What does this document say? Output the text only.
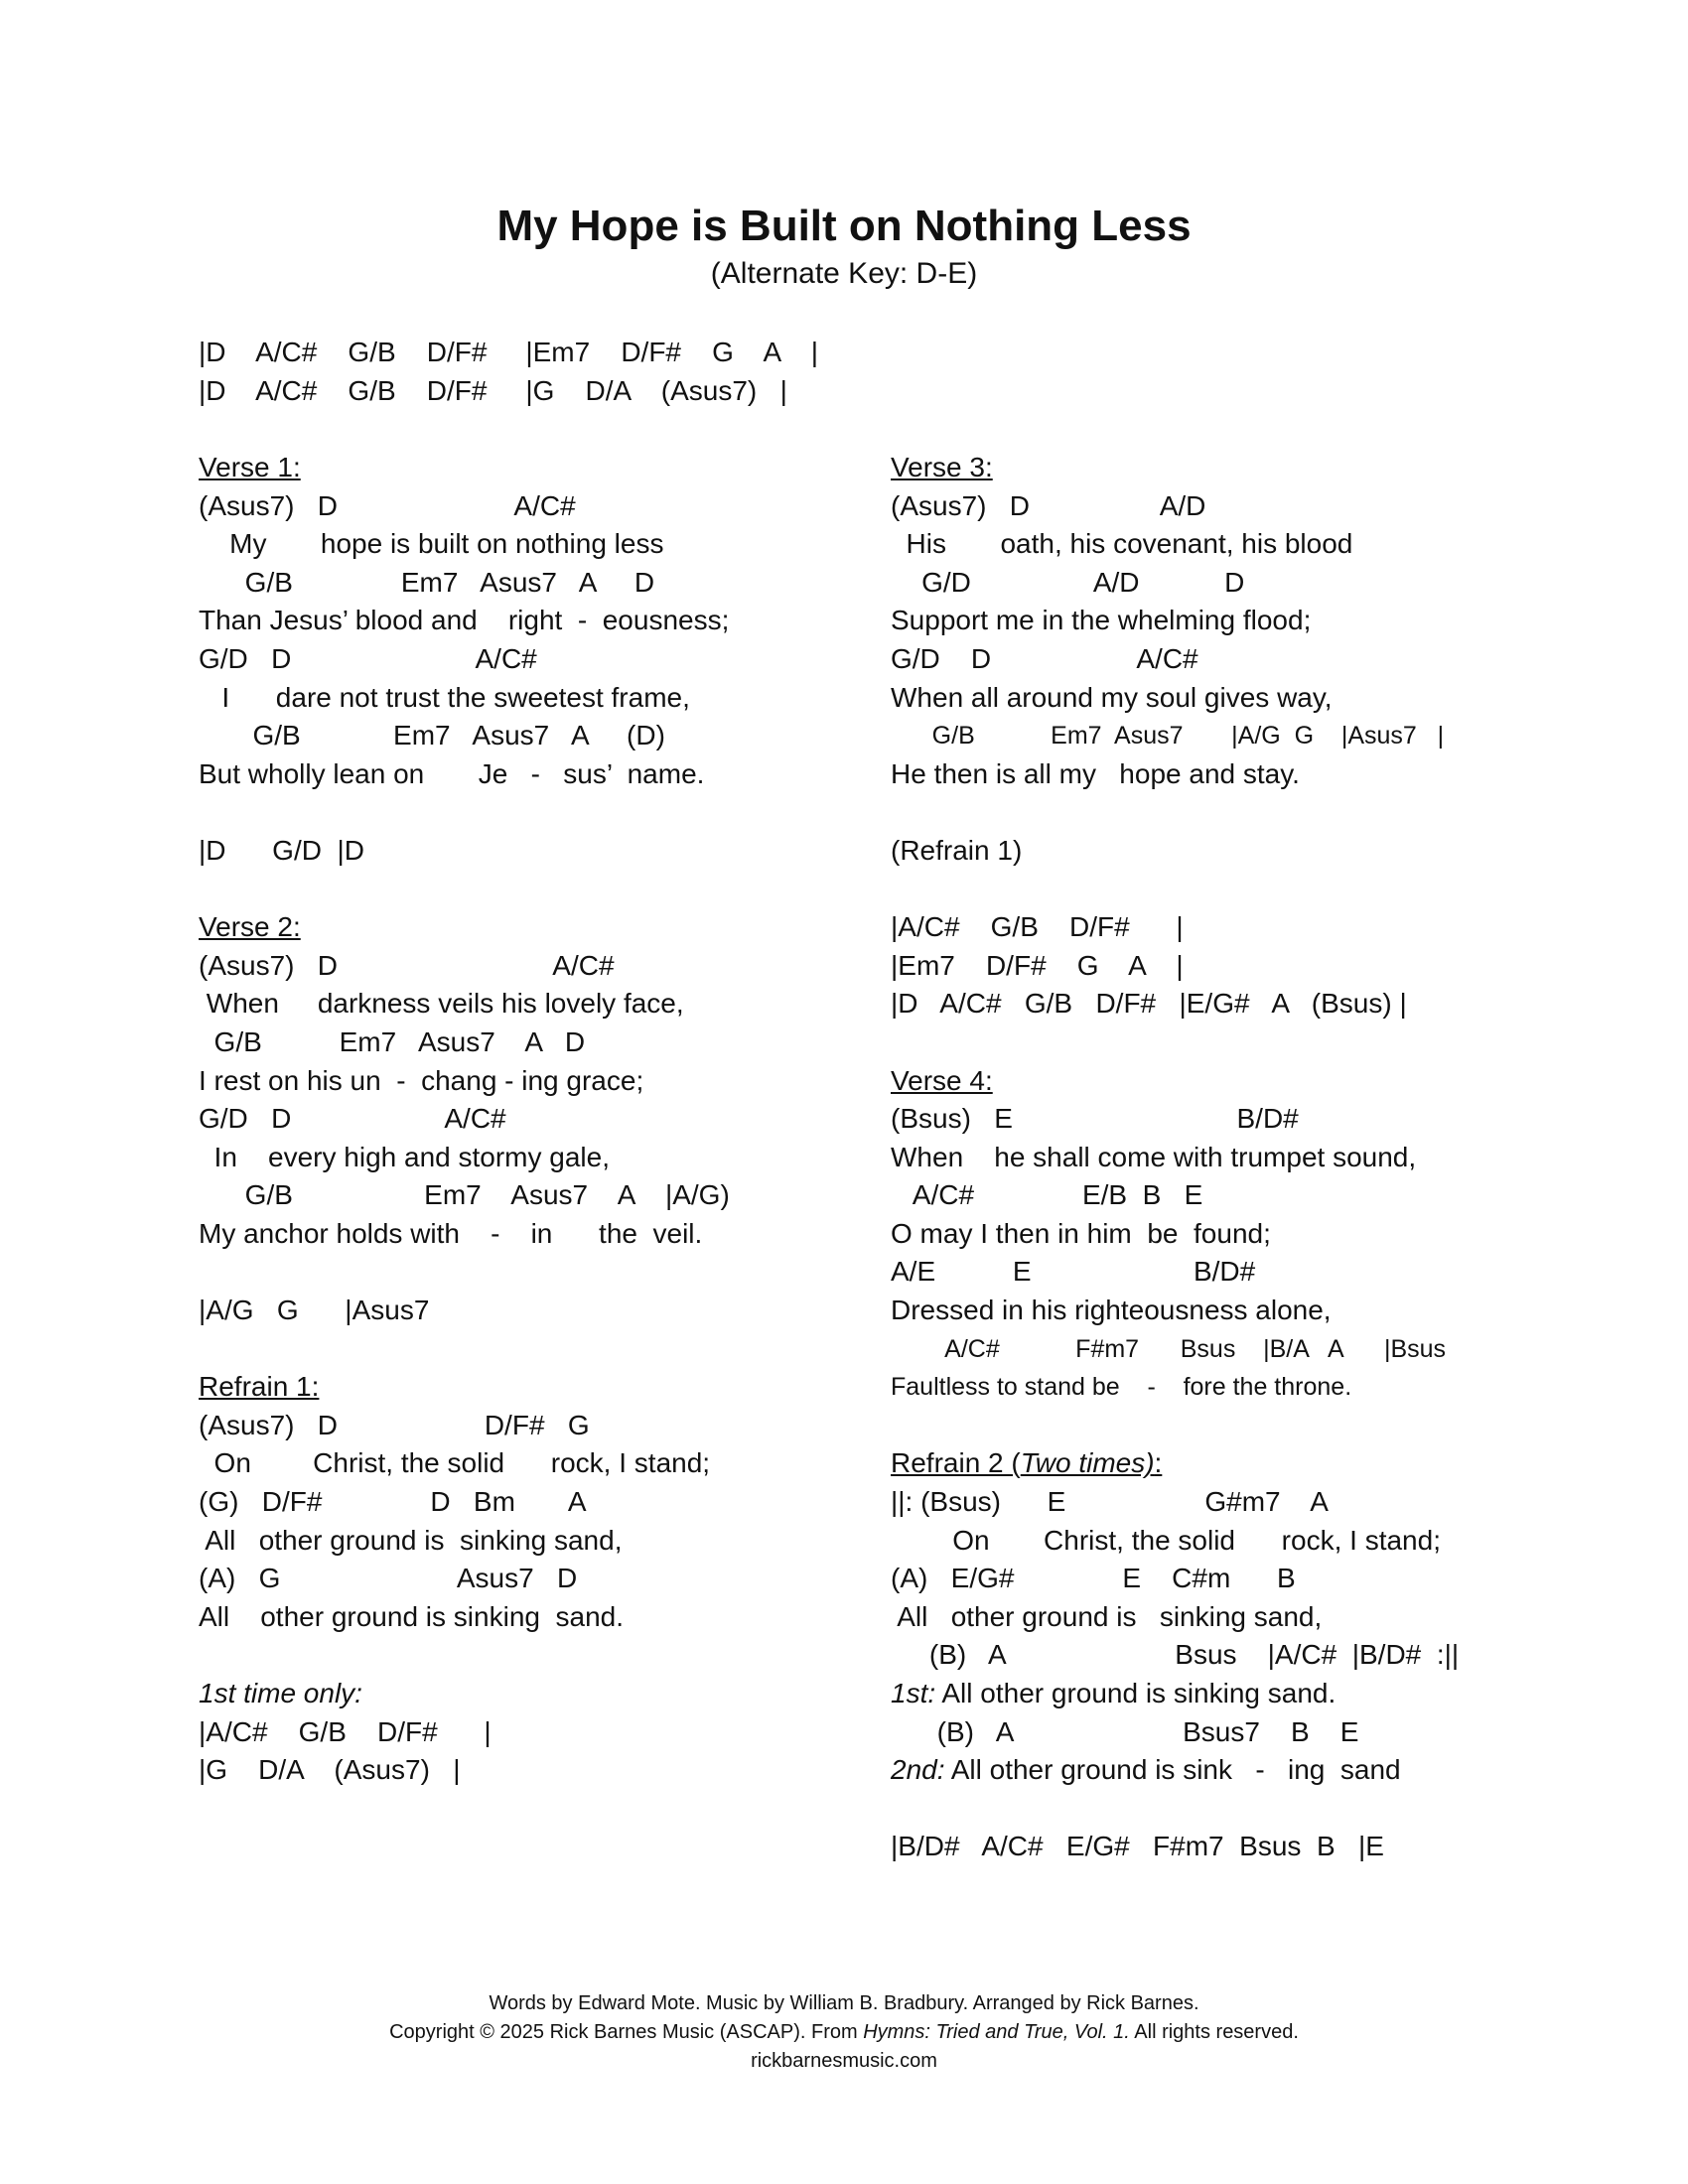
My Hope is Built on Nothing Less
(Alternate Key: D-E)

|D    A/C#    G/B    D/F#     |Em7    D/F#    G    A    |

|D    A/C#    G/B    D/F#     |G    D/A    (Asus7)   |

Verse 1:

(Asus7)   D                       A/C#

My       hope is built on nothing less

G/B              Em7   Asus7   A     D

Than Jesus’ blood and    right  -  eousness;

G/D   D                        A/C#

I      dare not trust the sweetest frame,

G/B            Em7   Asus7   A     (D)

But wholly lean on       Je   -   sus’  name.

|D      G/D  |D

Verse 2:

(Asus7)   D                            A/C#

When     darkness veils his lovely face,

G/B          Em7   Asus7    A   D

I rest on his un  -  chang - ing grace;

G/D   D                    A/C#

In    every high and stormy gale,

G/B                 Em7    Asus7    A    |A/G)

My anchor holds with    -    in      the  veil.

|A/G   G      |Asus7

Refrain 1:

(Asus7)   D                   D/F#   G

On        Christ, the solid      rock, I stand;

(G)   D/F#              D   Bm       A

All   other ground is  sinking sand,

(A)   G                       Asus7   D

All    other ground is sinking  sand.

1st time only:

|A/C#    G/B    D/F#      |

|G    D/A    (Asus7)   |

Verse 3:

(Asus7)   D                 A/D

His       oath, his covenant, his blood

G/D                A/D           D

Support me in the whelming flood;

G/D    D                   A/C#

When all around my soul gives way,

G/B           Em7  Asus7       |A/G  G    |Asus7   |

He then is all my   hope and stay.

(Refrain 1)

|A/C#    G/B    D/F#      |

|Em7    D/F#    G    A    |

|D   A/C#   G/B   D/F#   |E/G#   A   (Bsus) |

Verse 4:

(Bsus)   E                             B/D#

When    he shall come with trumpet sound,

A/C#              E/B  B   E

O may I then in him  be  found;

A/E          E                     B/D#

Dressed in his righteousness alone,

A/C#           F#m7      Bsus    |B/A   A      |Bsus

Faultless to stand be    -    fore the throne.

Refrain 2 (Two times):

||: (Bsus)      E                  G#m7    A

On       Christ, the solid      rock, I stand;

(A)   E/G#              E    C#m      B

All   other ground is   sinking sand,

(B)   A                      Bsus    |A/C#  |B/D#  :||

1st: All other ground is sinking sand.

(B)   A                      Bsus7    B    E

2nd: All other ground is sink   -   ing  sand

|B/D#   A/C#   E/G#   F#m7  Bsus  B   |E

Words by Edward Mote. Music by William B. Bradbury. Arranged by Rick Barnes.

Copyright © 2025 Rick Barnes Music (ASCAP). From Hymns: Tried and True, Vol. 1. All rights reserved.

rickbarnesmusic.com
